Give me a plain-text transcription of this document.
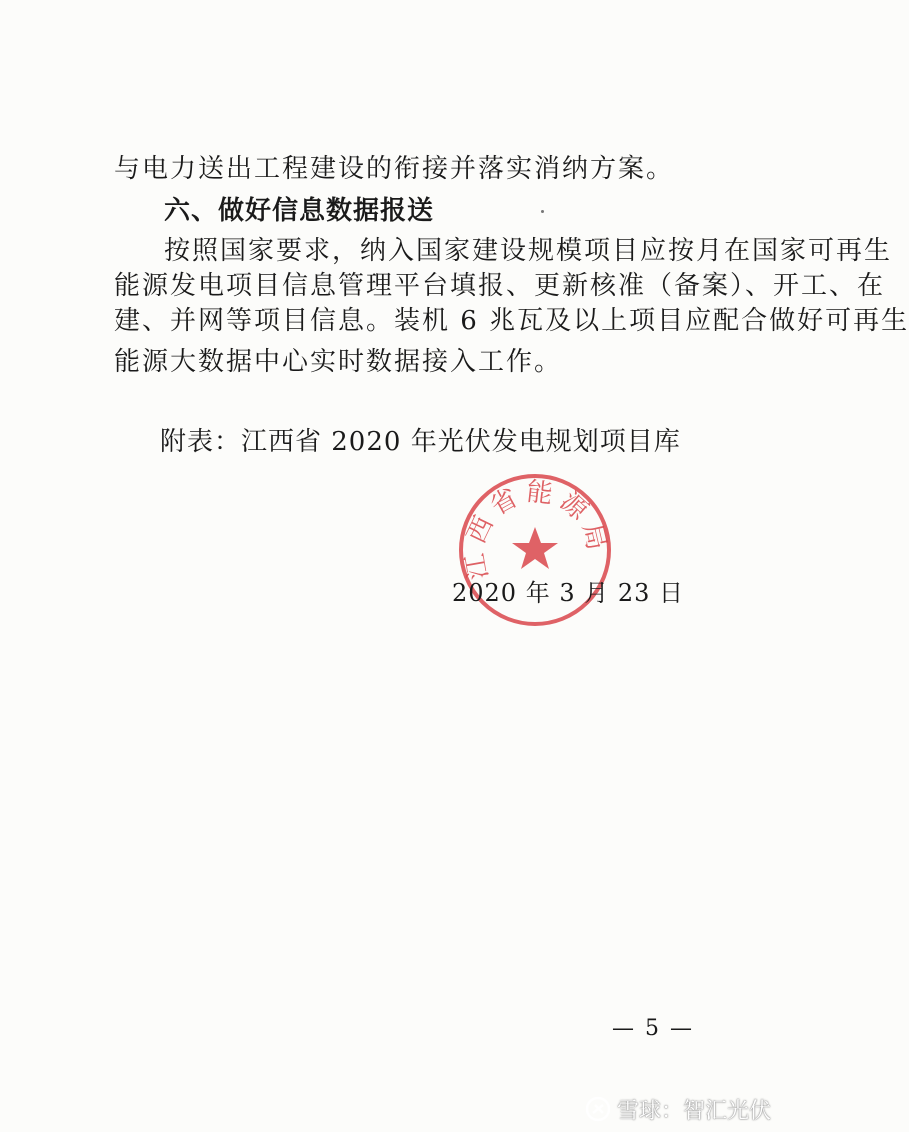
与电力送出工程建设的衔接并落实消纳方案。
六、做好信息数据报送
按照国家要求，纳入国家建设规模项目应按月在国家可再生
能源发电项目信息管理平台填报、更新核准（备案）、开工、在
建、并网等项目信息。装机 6 兆瓦及以上项目应配合做好可再生
能源大数据中心实时数据接入工作。
附表：江西省 2020 年光伏发电规划项目库
江西省能源局
2020 年 3 月 23 日
— 5 —
雪球：智汇光伏
